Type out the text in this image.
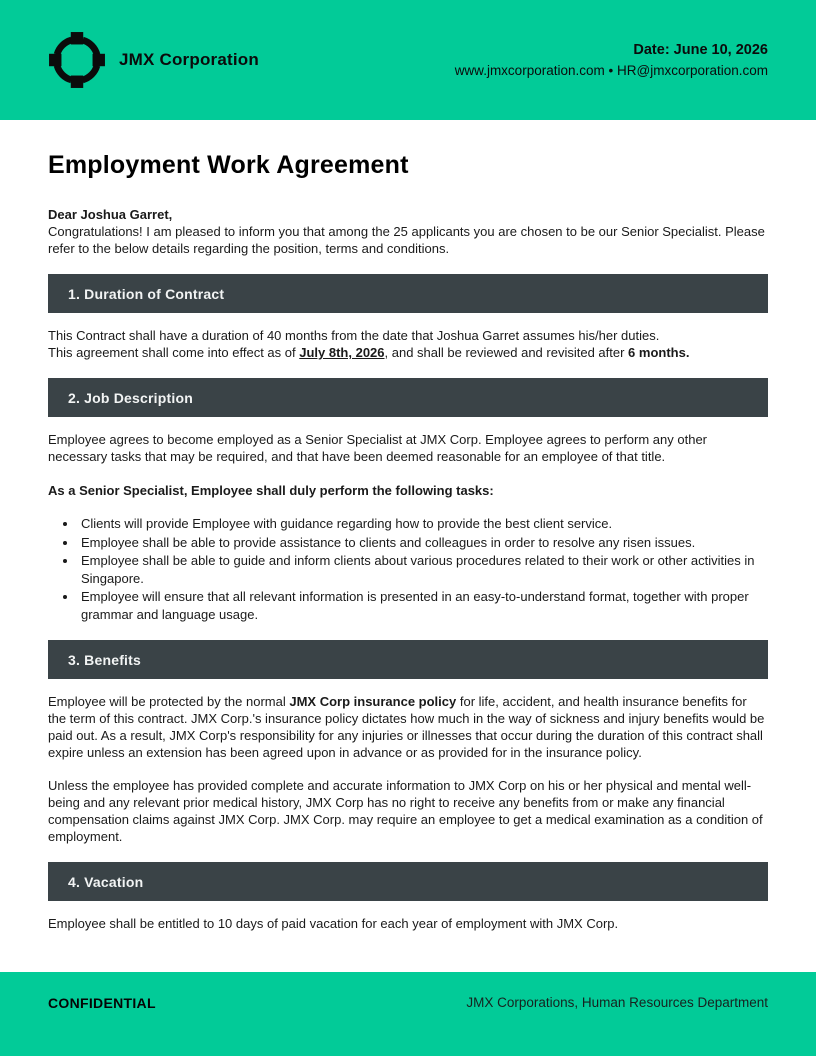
JMX Corporation	Date: June 10, 2026
www.jmxcorporation.com • HR@jmxcorporation.com
Employment Work Agreement

Dear Joshua Garret,

Congratulations! I am pleased to inform you that among the 25 applicants you are chosen to be our Senior Specialist. Please refer to the below details regarding the position, terms and conditions.

1. Duration of Contract

This Contract shall have a duration of 40 months from the date that Joshua Garret assumes his/her duties.

This agreement shall come into effect as of July 8th, 2026, and shall be reviewed and revisited after 6 months.

2. Job Description

Employee agrees to become employed as a Senior Specialist at JMX Corp. Employee agrees to perform any other necessary tasks that may be required, and that have been deemed reasonable for an employee of that title.

As a Senior Specialist, Employee shall duly perform the following tasks:

• Clients will provide Employee with guidance regarding how to provide the best client service.
• Employee shall be able to provide assistance to clients and colleagues in order to resolve any risen issues.
• Employee shall be able to guide and inform clients about various procedures related to their work or other activities in Singapore.
• Employee will ensure that all relevant information is presented in an easy-to-understand format, together with proper grammar and language usage.
3. Benefits

Employee will be protected by the normal JMX Corp insurance policy for life, accident, and health insurance benefits for the term of this contract. JMX Corp.'s insurance policy dictates how much in the way of sickness and injury benefits would be paid out. As a result, JMX Corp's responsibility for any injuries or illnesses that occur during the duration of this contract shall expire unless an extension has been agreed upon in advance or as provided for in the insurance policy.

Unless the employee has provided complete and accurate information to JMX Corp on his or her physical and mental well-being and any relevant prior medical history, JMX Corp has no right to receive any benefits from or make any financial compensation claims against JMX Corp. JMX Corp. may require an employee to get a medical examination as a condition of employment.

4. Vacation

Employee shall be entitled to 10 days of paid vacation for each year of employment with JMX Corp.

CONFIDENTIAL	JMX Corporations, Human Resources Department
